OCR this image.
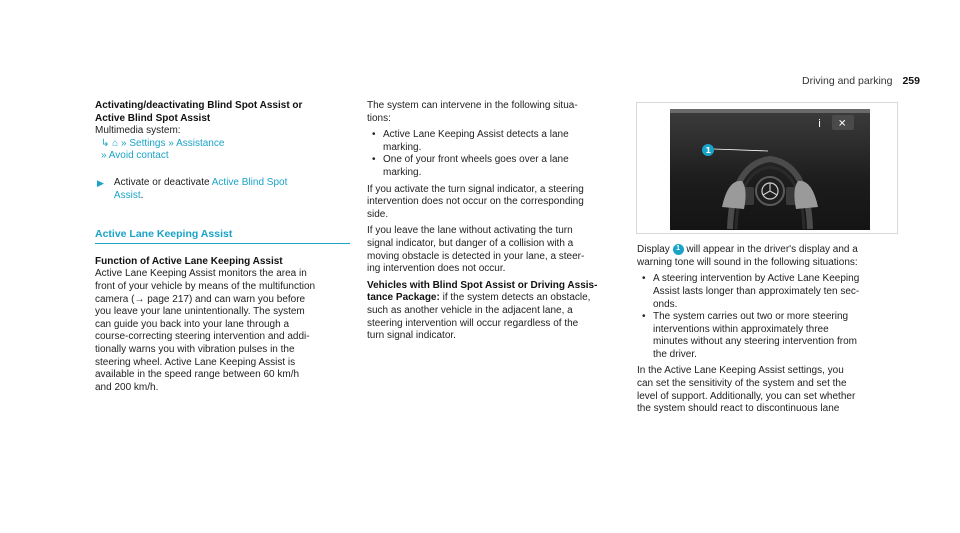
Driving and parking 259
Activating/deactivating Blind Spot Assist or
Active Blind Spot Assist
Multimedia system:
↳ ⌂ » Settings » Assistance
» Avoid contact
▶ Activate or deactivate Active Blind Spot
Assist.
Active Lane Keeping Assist
Function of Active Lane Keeping Assist
Active Lane Keeping Assist monitors the area in
front of your vehicle by means of the multifunction
camera (→ page 217) and can warn you before
you leave your lane unintentionally. The system
can guide you back into your lane through a
course-correcting steering intervention and addi-
tionally warns you with vibration pulses in the
steering wheel. Active Lane Keeping Assist is
available in the speed range between 60 km/h
and 200 km/h.

The system can intervene in the following situa-
tions:

• Active Lane Keeping Assist detects a lane
marking.
• One of your front wheels goes over a lane
marking.

If you activate the turn signal indicator, a steering
intervention does not occur on the corresponding
side.

If you leave the lane without activating the turn
signal indicator, but danger of a collision with a
moving obstacle is detected in your lane, a steer-
ing intervention does not occur.

Vehicles with Blind Spot Assist or Driving Assis-
tance Package: if the system detects an obstacle,
such as another vehicle in the adjacent lane, a
steering intervention will occur regardless of the
turn signal indicator.

i ✕
1

Display 1 will appear in the driver's display and a
warning tone will sound in the following situations:

• A steering intervention by Active Lane Keeping
Assist lasts longer than approximately ten sec-
onds.
• The system carries out two or more steering
interventions within approximately three
minutes without any steering intervention from
the driver.

In the Active Lane Keeping Assist settings, you
can set the sensitivity of the system and set the
level of support. Additionally, you can set whether
the system should react to discontinuous lane
